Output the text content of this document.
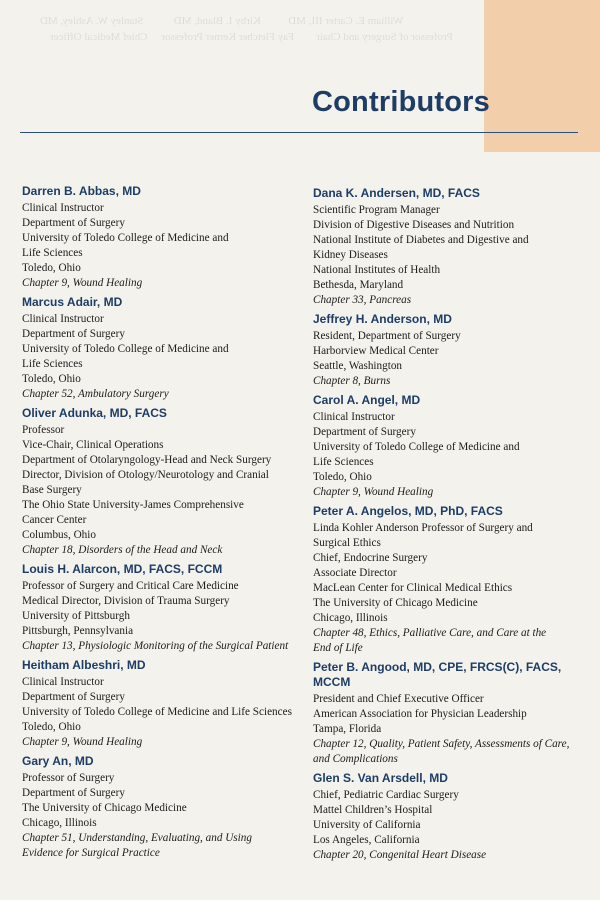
William E. Carter III, MD          Kirby I. Bland, MD           Stanley W. Ashley, MD
Professor of Surgery and Chair        Fay Fletcher Kerner Professor     Chief Medical Officer
Contributors
Darren B. Abbas, MD
Clinical Instructor
Department of Surgery
University of Toledo College of Medicine and
Life Sciences
Toledo, Ohio
Chapter 9, Wound Healing
Marcus Adair, MD
Clinical Instructor
Department of Surgery
University of Toledo College of Medicine and
Life Sciences
Toledo, Ohio
Chapter 52, Ambulatory Surgery
Oliver Adunka, MD, FACS
Professor
Vice-Chair, Clinical Operations
Department of Otolaryngology-Head and Neck Surgery
Director, Division of Otology/Neurotology and Cranial
Base Surgery
The Ohio State University-James Comprehensive
Cancer Center
Columbus, Ohio
Chapter 18, Disorders of the Head and Neck
Louis H. Alarcon, MD, FACS, FCCM
Professor of Surgery and Critical Care Medicine
Medical Director, Division of Trauma Surgery
University of Pittsburgh
Pittsburgh, Pennsylvania
Chapter 13, Physiologic Monitoring of the Surgical Patient
Heitham Albeshri, MD
Clinical Instructor
Department of Surgery
University of Toledo College of Medicine and Life Sciences
Toledo, Ohio
Chapter 9, Wound Healing
Gary An, MD
Professor of Surgery
Department of Surgery
The University of Chicago Medicine
Chicago, Illinois
Chapter 51, Understanding, Evaluating, and Using
Evidence for Surgical Practice
Dana K. Andersen, MD, FACS
Scientific Program Manager
Division of Digestive Diseases and Nutrition
National Institute of Diabetes and Digestive and
Kidney Diseases
National Institutes of Health
Bethesda, Maryland
Chapter 33, Pancreas
Jeffrey H. Anderson, MD
Resident, Department of Surgery
Harborview Medical Center
Seattle, Washington
Chapter 8, Burns
Carol A. Angel, MD
Clinical Instructor
Department of Surgery
University of Toledo College of Medicine and
Life Sciences
Toledo, Ohio
Chapter 9, Wound Healing
Peter A. Angelos, MD, PhD, FACS
Linda Kohler Anderson Professor of Surgery and
Surgical Ethics
Chief, Endocrine Surgery
Associate Director
MacLean Center for Clinical Medical Ethics
The University of Chicago Medicine
Chicago, Illinois
Chapter 48, Ethics, Palliative Care, and Care at the
End of Life
Peter B. Angood, MD, CPE, FRCS(C), FACS, MCCM
President and Chief Executive Officer
American Association for Physician Leadership
Tampa, Florida
Chapter 12, Quality, Patient Safety, Assessments of Care,
and Complications
Glen S. Van Arsdell, MD
Chief, Pediatric Cardiac Surgery
Mattel Children’s Hospital
University of California
Los Angeles, California
Chapter 20, Congenital Heart Disease
